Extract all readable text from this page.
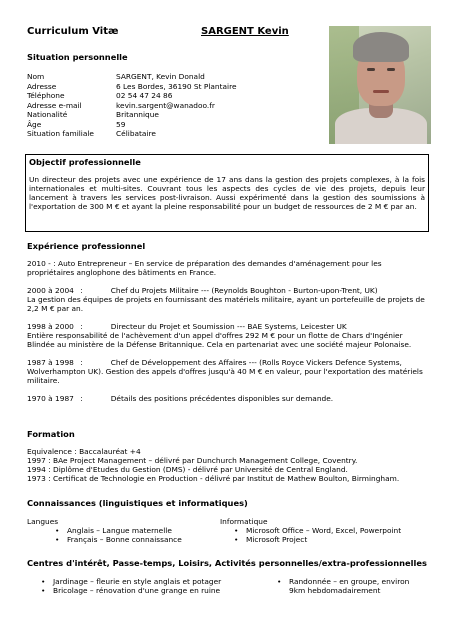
Curriculum Vitæ	SARGENT Kevin
Situation personnelle
Nom	SARGENT, Kevin Donald
Adresse	6 Les Bordes, 36190 St Plantaire
Téléphone	02 54 47 24 86
Adresse e-mail	kevin.sargent@wanadoo.fr
Nationalité	Britannique
Âge	59
Situation familiale	Célibataire
Objectif professionnelle

Un directeur des projets avec une expérience de 17 ans dans la gestion des projets complexes, à la fois internationales et multi-sites. Couvrant tous les aspects des cycles de vie des projets, depuis leur lancement à travers les services post-livraison. Aussi expérimenté dans la gestion des soumissions à l'exportation de 300 M € et ayant la pleine responsabilité pour un budget de ressources de 2 M € par an.

Expérience professionnel

2010 - : Auto Entrepreneur – En service de préparation des demandes d'aménagement pour les propriétaires anglophone des bâtiments en France.

2000 à 2004 :	Chef du Projets Militaire --- (Reynolds Boughton - Burton-upon-Trent, UK)

La gestion des équipes de projets en fournissant des matériels militaire, ayant un portefeuille de projets de 2,2 M € par an.

1998 à 2000 :	Directeur du Projet et Soumission --- BAE Systems, Leicester UK

Entière responsabilité de l'achèvement d'un appel d'offres 292 M € pour un flotte de Chars d'Ingénier Blindée au ministère de la Défense Britannique. Cela en partenariat avec une société majeur Polonaise.

1987 à 1998 :	Chef de Développement des Affaires --- (Rolls Royce Vickers Defence Systems,

Wolverhampton UK). Gestion des appels d'offres jusqu'à 40 M € en valeur, pour l'exportation des matériels militaire.

1970 à 1987 :	Détails des positions précédentes disponibles sur demande.

Formation

Equivalence : Baccalauréat +4

1997 : BAe Project Management – délivré par Dunchurch Management College, Coventry.

1994 : Diplôme d'Etudes du Gestion (DMS) - délivré par Université de Central England.

1973 : Certificat de Technologie en Production - délivré par Institut de Mathew Boulton, Birmingham.

Connaissances (linguistiques et informatiques)

Langues

• Anglais – Langue maternelle
• Français – Bonne connaissance

Informatique

• Microsoft Office – Word, Excel, Powerpoint
• Microsoft Project
Centres d'intérêt, Passe-temps, Loisirs, Activités personnelles/extra-professionnelles
• Jardinage – fleurie en style anglais et potager
• Bricolage – rénovation d'une grange en ruine
• Randonnée – en groupe, environ 9km hebdomadairement
